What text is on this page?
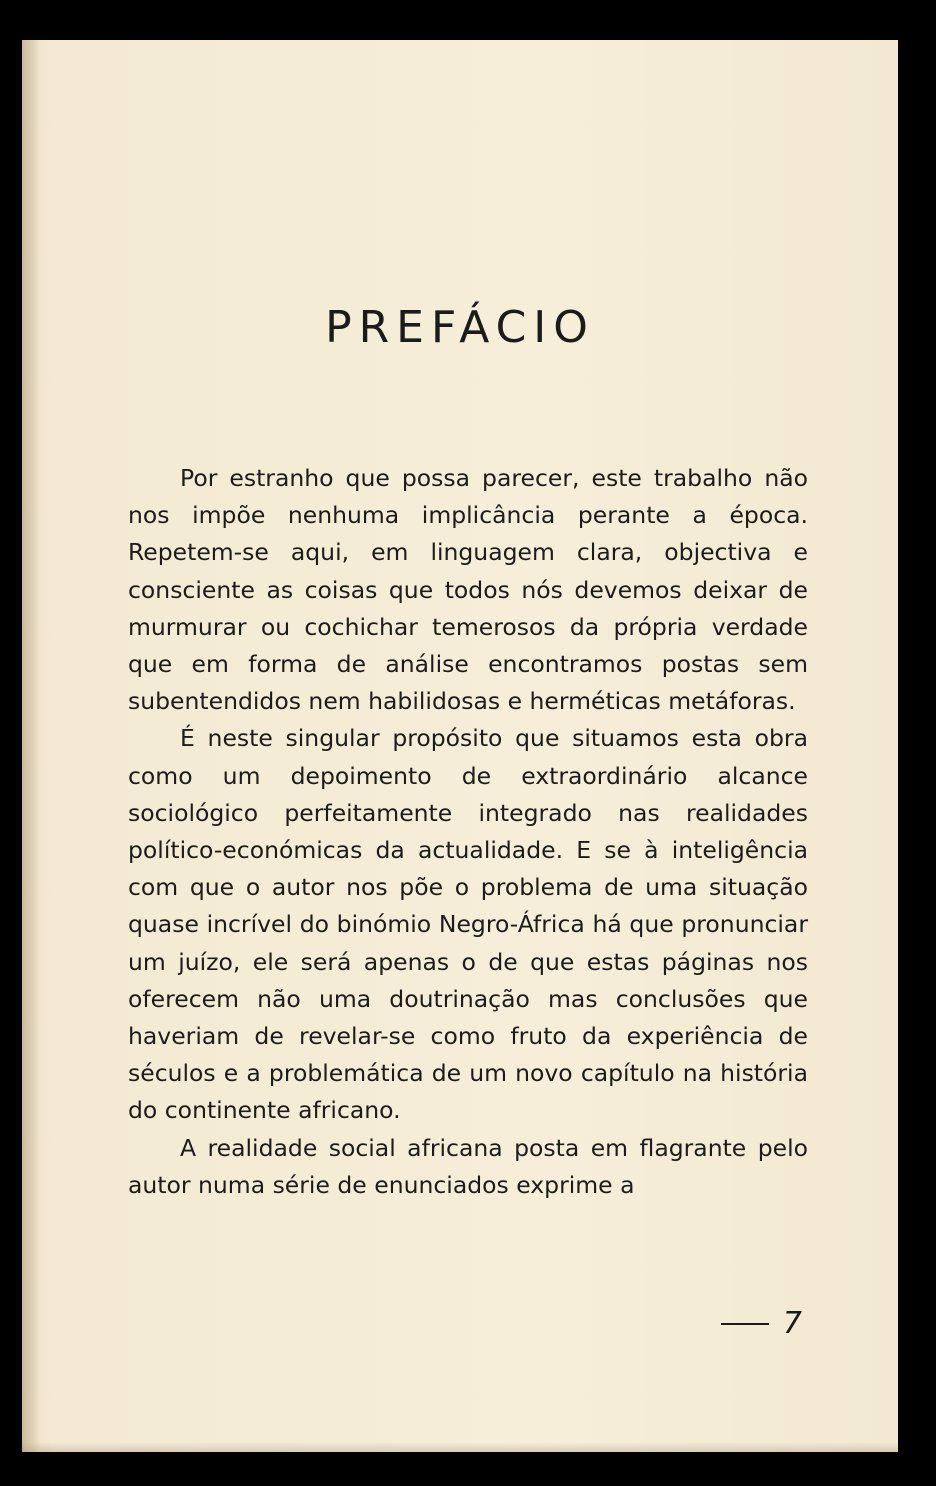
PREFÁCIO

Por estranho que possa parecer, este trabalho não nos impõe nenhuma implicância perante a época. Repetem-se aqui, em linguagem clara, objectiva e consciente as coisas que todos nós devemos deixar de murmurar ou cochichar temerosos da própria verdade que em forma de análise encontramos postas sem subentendidos nem habilidosas e herméticas metáforas.

É neste singular propósito que situamos esta obra como um depoimento de extraordinário alcance sociológico perfeitamente integrado nas realidades político-económicas da actualidade. E se à inteligência com que o autor nos põe o problema de uma situação quase incrível do binómio Negro-África há que pronunciar um juízo, ele será apenas o de que estas páginas nos oferecem não uma doutrinação mas conclusões que haveriam de revelar-se como fruto da experiência de séculos e a problemática de um novo capítulo na história do continente africano.

A realidade social africana posta em flagrante pelo autor numa série de enunciados exprime a

7
